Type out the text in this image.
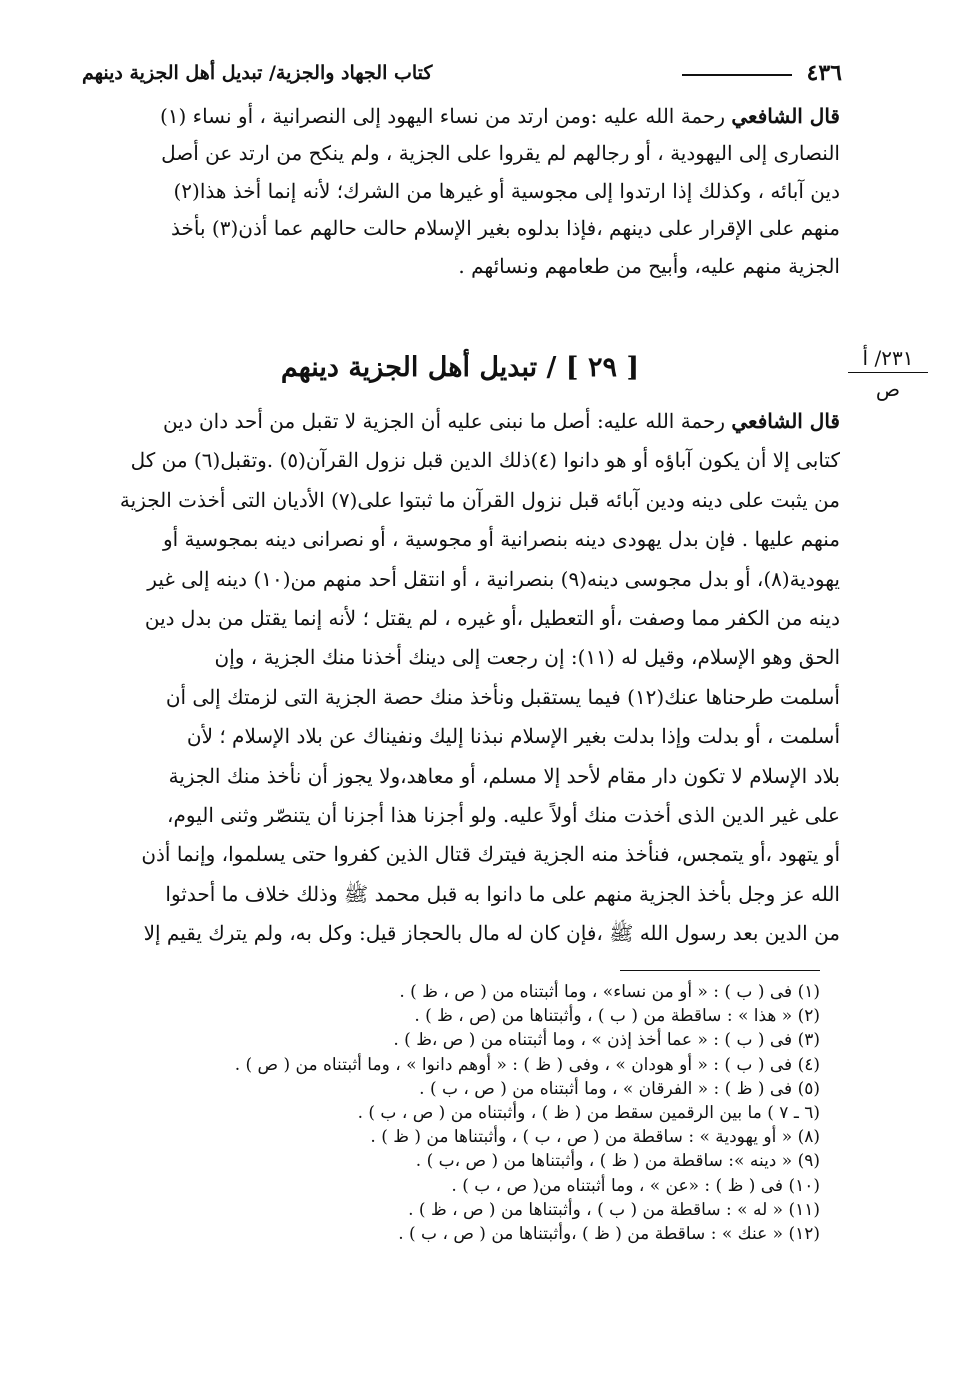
٤٣٦
كتاب الجهاد والجزية/ تبديل أهل الجزية دينهم
قال الشافعي رحمة الله عليه :ومن ارتد من نساء اليهود إلى النصرانية ، أو نساء (١)
النصارى إلى اليهودية ، أو رجالهم لم يقروا على الجزية ، ولم ينكح من ارتد عن أصل
دين آبائه ، وكذلك إذا ارتدوا إلى مجوسية أو غيرها من الشرك؛ لأنه إنما أخذ هذا(٢)
منهم على الإقرار على دينهم ،فإذا بدلوه بغير الإسلام حالت حالهم عما أذن(٣) بأخذ
الجزية منهم عليه، وأبيح من طعامهم ونسائهم .
[ ٢٩ ] / تبديل أهل الجزية دينهم	٢٣١/ أ
ص
قال الشافعي رحمة الله عليه: أصل ما نبنى عليه أن الجزية لا تقبل من أحد دان دين
كتابى إلا أن يكون آباؤه أو هو دانوا (٤)ذلك الدين قبل نزول القرآن(٥) .وتقبل(٦) من كل
من يثبت على دينه ودين آبائه قبل نزول القرآن ما ثبتوا على(٧) الأديان التى أخذت الجزية
منهم عليها . فإن بدل يهودى دينه بنصرانية أو مجوسية ، أو نصرانى دينه بمجوسية أو
يهودية(٨)، أو بدل مجوسى دينه(٩) بنصرانية ، أو انتقل أحد منهم من(١٠) دينه إلى غير
دينه من الكفر مما وصفت ،أو التعطيل ،أو غيره ، لم يقتل ؛ لأنه إنما يقتل من بدل دين
الحق وهو الإسلام، وقيل له (١١): إن رجعت إلى دينك أخذنا منك الجزية ، وإن
أسلمت طرحناها عنك(١٢) فيما يستقبل ونأخذ منك حصة الجزية التى لزمتك إلى أن
أسلمت ، أو بدلت وإذا بدلت بغير الإسلام نبذنا إليك ونفيناك عن بلاد الإسلام ؛ لأن
بلاد الإسلام لا تكون دار مقام لأحد إلا مسلم، أو معاهد،ولا يجوز أن نأخذ منك الجزية
على غير الدين الذى أخذت منك أولاً عليه. ولو أجزنا هذا أجزنا أن يتنصّر وثنى اليوم،
أو يتهود ،أو يتمجس، فنأخذ منه الجزية فيترك قتال الذين كفروا حتى يسلموا، وإنما أذن
الله عز وجل بأخذ الجزية منهم على ما دانوا به قبل محمد ﷺ وذلك خلاف ما أحدثوا
من الدين بعد رسول الله ﷺ ،فإن كان له مال بالحجاز قيل: وكل به، ولم يترك يقيم إلا
(١) فى ( ب ) : « أو من نساء» ، وما أثبتناه من ( ص ، ظ ) .
(٢) « هذا » : ساقطة من ( ب ) ، وأثبتناها من (ص ، ظ ) .
(٣) فى ( ب ) : « عما أخذ إذن » ، وما أثبتناه من ( ص ،ظ ) .
(٤) فى ( ب ) : « أو هودان » ، وفى ( ظ ) : « أوهم دانوا » ، وما أثبتناه من ( ص ) .
(٥) فى ( ظ ) : « الفرقان » ، وما أثبتناه من ( ص ، ب ) .
(٦ ـ ٧ ) ما بين الرقمين سقط من ( ظ ) ، وأثبتناه من ( ص ، ب ) .
(٨) « أو يهودية » : ساقطة من ( ص ، ب ) ، وأثبتناها من ( ظ ) .
(٩) « دينه »: ساقطة من ( ظ ) ، وأثبتناها من ( ص ،ب ) .
(١٠) فى ( ظ ) : «عن » ، وما أثبتناه من( ص ، ب ) .
(١١) « له » : ساقطة من ( ب ) ، وأثبتناها من ( ص ، ظ ) .
(١٢) « عنك » : ساقطة من ( ظ ) ،وأثبتناها من ( ص ، ب ) .
